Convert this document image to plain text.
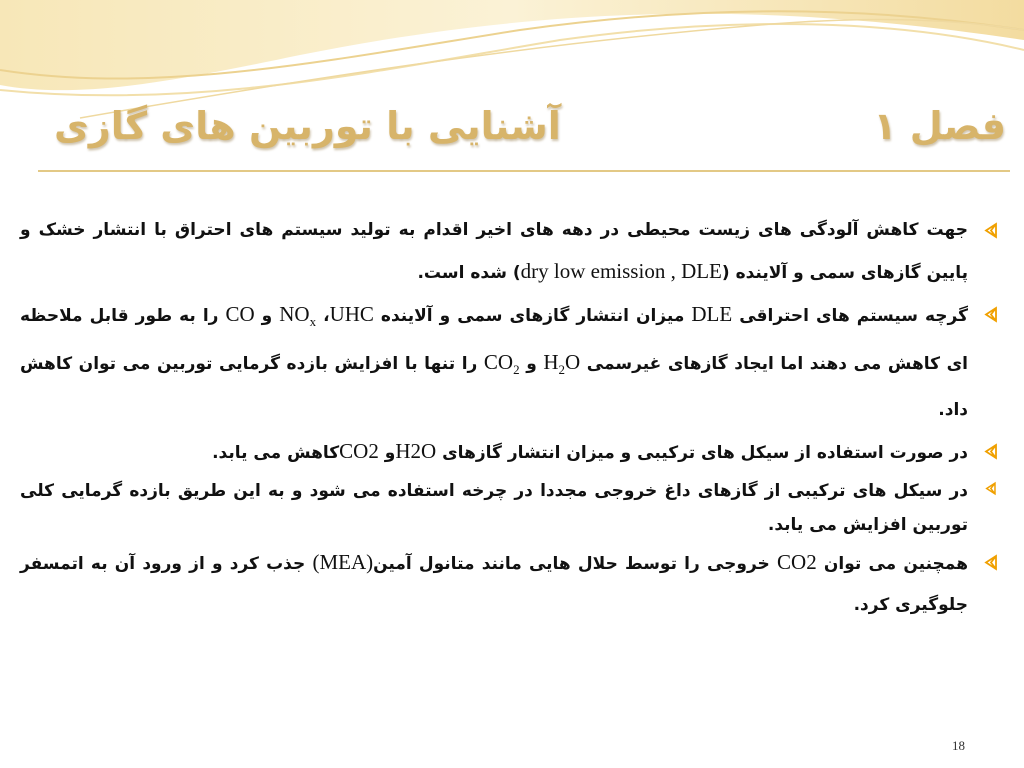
آشنایی با توربین های گازی	فصل ۱

جهت کاهش آلودگی های زیست محیطی در دهه های اخیر اقدام به تولید سیستم های احتراق با انتشار خشک و پایین گازهای سمی و آلاینده (dry low emission , DLE) شده است.

گرچه سیستم های احتراقی DLE میزان انتشار گازهای سمی و آلاینده UHC، $NO_x$ و CO را به طور قابل ملاحظه ای کاهش می دهند اما ایجاد گازهای غیرسمی $H_2O$ و $CO_2$ را تنها با افزایش بازده گرمایی توربین می توان کاهش داد.

در صورت استفاده از سیکل های ترکیبی و میزان انتشار گازهای H2Oو CO2کاهش می یابد.

در سیکل های ترکیبی از گازهای داغ خروجی مجددا در چرخه استفاده می شود و به این طریق بازده گرمایی کلی توربین افزایش می یابد.

همچنین می توان CO2 خروجی را توسط حلال هایی مانند متانول آمین(MEA) جذب کرد و از ورود آن به اتمسفر جلوگیری کرد.

18
